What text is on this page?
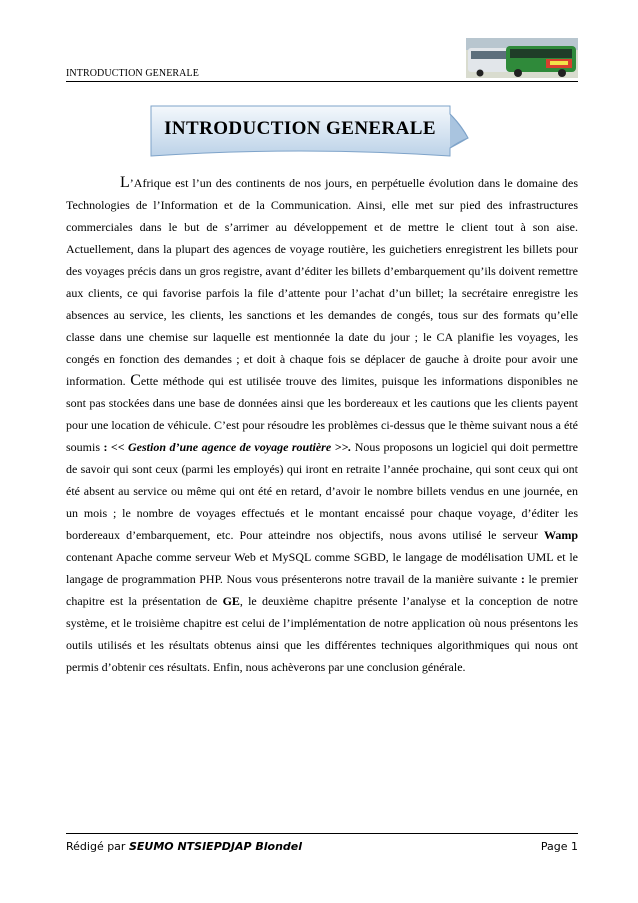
INTRODUCTION GENERALE
INTRODUCTION GENERALE

L’Afrique est l’un des continents de nos jours, en perpétuelle évolution dans le domaine des Technologies de l’Information et de la Communication. Ainsi, elle met sur pied des infrastructures commerciales dans le but de s’arrimer au développement et de mettre le client tout à son aise. Actuellement, dans la plupart des agences de voyage routière, les guichetiers enregistrent les billets pour des voyages précis dans un gros registre, avant d’éditer les billets d’embarquement qu’ils doivent remettre aux clients, ce qui favorise parfois la file d’attente pour l’achat d’un billet; la secrétaire enregistre les absences au service, les clients, les sanctions et les demandes de congés, tous sur des formats qu’elle classe dans une chemise sur laquelle est mentionnée la date du jour ; le CA planifie les voyages, les congés en fonction des demandes ; et doit à chaque fois se déplacer de gauche à droite pour avoir une information. Cette méthode qui est utilisée trouve des limites, puisque les informations disponibles ne sont pas stockées dans une base de données ainsi que les bordereaux et les cautions que les clients payent pour une location de véhicule. C’est pour résoudre les problèmes ci-dessus que le thème suivant nous a été soumis : << Gestion d’une agence de voyage routière >>. Nous proposons un logiciel qui doit permettre de savoir qui sont ceux (parmi les employés) qui iront en retraite l’année prochaine, qui sont ceux qui ont été absent au service ou même qui ont été en retard, d’avoir le nombre billets vendus en une journée, en un mois ; le nombre de voyages effectués et le montant encaissé pour chaque voyage, d’éditer les bordereaux d’embarquement, etc. Pour atteindre nos objectifs, nous avons utilisé le serveur Wamp contenant Apache comme serveur Web et MySQL comme SGBD, le langage de modélisation UML et le langage de programmation PHP. Nous vous présenterons notre travail de la manière suivante : le premier chapitre est la présentation de GE, le deuxième chapitre présente l’analyse et la conception de notre système, et le troisième chapitre est celui de l’implémentation de notre application où nous présentons les outils utilisés et les résultats obtenus ainsi que les différentes techniques algorithmiques qui nous ont permis d’obtenir ces résultats. Enfin, nous achèverons par une conclusion générale.

Rédigé par SEUMO NTSIEPDJAP Blondel	Page 1
